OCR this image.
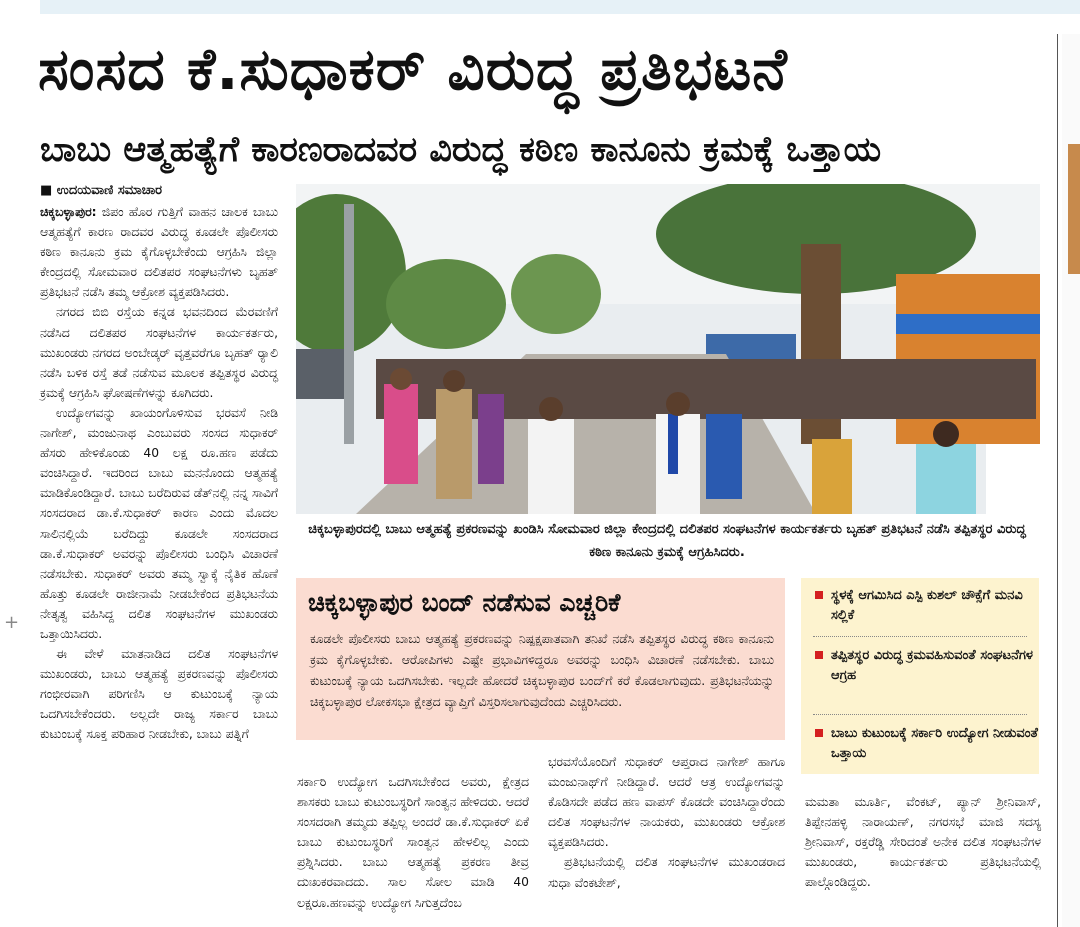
ಸಂಸದ ಕೆ.ಸುಧಾಕರ್‌ ವಿರುದ್ಧ ಪ್ರತಿಭಟನೆ
ಬಾಬು ಆತ್ಮಹತ್ಯೆಗೆ ಕಾರಣರಾದವರ ವಿರುದ್ಧ ಕಠಿಣ ಕಾನೂನು ಕ್ರಮಕ್ಕೆ ಒತ್ತಾಯ
■ ಉದಯವಾಣಿ ಸಮಾಚಾರ

ಚಿಕ್ಕಬಳ್ಳಾಪುರ: ಜಿಪಂ ಹೊರ ಗುತ್ತಿಗೆ ವಾಹನ ಚಾಲಕ ಬಾಬು ಆತ್ಮಹತ್ಯೆಗೆ ಕಾರಣ ರಾದವರ ವಿರುದ್ಧ ಕೂಡಲೇ ಪೊಲೀಸರು ಕಠಿಣ ಕಾನೂನು ಕ್ರಮ ಕೈಗೊಳ್ಳಬೇಕೆಂದು ಆಗ್ರಹಿಸಿ ಜಿಲ್ಲಾ ಕೇಂದ್ರದಲ್ಲಿ ಸೋಮವಾರ ದಲಿತಪರ ಸಂಘಟನೆಗಳು ಬೃಹತ್ ಪ್ರತಿಭಟನೆ ನಡೆಸಿ ತಮ್ಮ ಆಕ್ರೋಶ ವ್ಯಕ್ತಪಡಿಸಿದರು.

ನಗರದ ಬಿಬಿ ರಸ್ತೆಯ ಕನ್ನಡ ಭವನದಿಂದ ಮೆರವಣಿಗೆ ನಡೆಸಿದ ದಲಿತಪರ ಸಂಘಟನೆಗಳ ಕಾರ್ಯಕರ್ತರು, ಮುಖಂಡರು ನಗರದ ಅಂಬೇಡ್ಕರ್ ವೃತ್ತವರೆಗೂ ಬೃಹತ್ ರ‍್ಯಾಲಿ ನಡೆಸಿ ಬಳಿಕ ರಸ್ತೆ ತಡೆ ನಡೆಸುವ ಮೂಲಕ ತಪ್ಪಿತಸ್ಥರ ವಿರುದ್ಧ ಕ್ರಮಕ್ಕೆ ಆಗ್ರಹಿಸಿ ಘೋಷಣೆಗಳನ್ನು ಕೂಗಿದರು.

ಉದ್ಯೋಗವನ್ನು ಖಾಯಂಗೊಳಿಸುವ ಭರವಸೆ ನೀಡಿ ನಾಗೇಶ್, ಮಂಜುನಾಥ ಎಂಬುವರು ಸಂಸದ ಸುಧಾಕರ್ ಹೆಸರು ಹೇಳಿಕೊಂಡು 40 ಲಕ್ಷ ರೂ.ಹಣ ಪಡೆದು ವಂಚಿಸಿದ್ದಾರೆ. ಇದರಿಂದ ಬಾಬು ಮನನೊಂದು ಆತ್ಮಹತ್ಯೆ ಮಾಡಿಕೊಂಡಿದ್ದಾರೆ. ಬಾಬು ಬರೆದಿರುವ ಡೆತ್‌ನಲ್ಲಿ ನನ್ನ ಸಾವಿಗೆ ಸಂಸದರಾದ ಡಾ.ಕೆ.ಸುಧಾಕರ್ ಕಾರಣ ಎಂದು ಮೊದಲ ಸಾಲಿನಲ್ಲಿಯೆ ಬರೆದಿದ್ದು ಕೂಡಲೇ ಸಂಸದರಾದ ಡಾ.ಕೆ.ಸುಧಾಕರ್ ಅವರನ್ನು ಪೊಲೀಸರು ಬಂಧಿಸಿ ವಿಚಾರಣೆ ನಡೆಸಬೇಕು. ಸುಧಾಕರ್ ಅವರು ತಮ್ಮ ಸ್ವಾಕ್ಕೆ ನೈತಿಕ ಹೊಣೆ ಹೊತ್ತು ಕೂಡಲೇ ರಾಜೀನಾಮೆ ನೀಡಬೇಕೆಂದ ಪ್ರತಿಭಟನೆಯ ನೇತೃತ್ವ ವಹಿಸಿದ್ದ ದಲಿತ ಸಂಘಟನೆಗಳ ಮುಖಂಡರು ಒತ್ತಾಯಿಸಿದರು.

ಈ ವೇಳೆ ಮಾತನಾಡಿದ ದಲಿತ ಸಂಘಟನೆಗಳ ಮುಖಂಡರು, ಬಾಬು ಆತ್ಮಹತ್ಯೆ ಪ್ರಕರಣವನ್ನು ಪೊಲೀಸರು ಗಂಭೀರವಾಗಿ ಪರಿಗಣಿಸಿ ಆ ಕುಟುಂಬಕ್ಕೆ ನ್ಯಾಯ ಒದಗಿಸಬೇಕೆಂದರು. ಅಲ್ಲದೇ ರಾಜ್ಯ ಸರ್ಕಾರ ಬಾಬು ಕುಟುಂಬಕ್ಕೆ ಸೂಕ್ತ ಪರಿಹಾರ ನೀಡಬೇಕು, ಬಾಬು ಪತ್ನಿಗೆ

ಚಿಕ್ಕಬಳ್ಳಾಪುರದಲ್ಲಿ ಬಾಬು ಆತ್ಮಹತ್ಯೆ ಪ್ರಕರಣವನ್ನು ಖಂಡಿಸಿ ಸೋಮವಾರ ಜಿಲ್ಲಾ ಕೇಂದ್ರದಲ್ಲಿ ದಲಿತಪರ ಸಂಘಟನೆಗಳ ಕಾರ್ಯಕರ್ತರು ಬೃಹತ್ ಪ್ರತಿಭಟನೆ ನಡೆಸಿ ತಪ್ಪಿತಸ್ಥರ ವಿರುದ್ಧ ಕಠಿಣ ಕಾನೂನು ಕ್ರಮಕ್ಕೆ ಆಗ್ರಹಿಸಿದರು.
ಚಿಕ್ಕಬಳ್ಳಾಪುರ ಬಂದ್‌ ನಡೆಸುವ ಎಚ್ಚರಿಕೆ
ಕೂಡಲೇ ಪೊಲೀಸರು ಬಾಬು ಆತ್ಮಹತ್ಯೆ ಪ್ರಕರಣವನ್ನು ನಿಷ್ಪಕ್ಷಪಾತವಾಗಿ ತನಿಖೆ ನಡೆಸಿ ತಪ್ಪಿತಸ್ಥರ ವಿರುದ್ಧ ಕಠಿಣ ಕಾನೂನು ಕ್ರಮ ಕೈಗೊಳ್ಳಬೇಕು. ಆರೋಪಿಗಳು ಎಷ್ಟೇ ಪ್ರಭಾವಿಗಳಿದ್ದರೂ ಅವರನ್ನು ಬಂಧಿಸಿ ವಿಚಾರಣೆ ನಡೆಸಬೇಕು. ಬಾಬು ಕುಟುಂಬಕ್ಕೆ ನ್ಯಾಯ ಒದಗಿಸಬೇಕು. ಇಲ್ಲದೇ ಹೋದರೆ ಚಿಕ್ಕಬಳ್ಳಾಪುರ ಬಂದ್‌ಗೆ ಕರೆ ಕೊಡಲಾಗುವುದು. ಪ್ರತಿಭಟನೆಯನ್ನು ಚಿಕ್ಕಬಳ್ಳಾಪುರ ಲೋಕಸಭಾ ಕ್ಷೇತ್ರದ ವ್ಯಾಪ್ತಿಗೆ ವಿಸ್ತರಿಸಲಾಗುವುದೆಂದು ಎಚ್ಚರಿಸಿದರು.
ಸ್ಥಳಕ್ಕೆ ಆಗಮಿಸಿದ ಎಸ್ಪಿ ಕುಶಲ್ ಚೌಕ್ಸೆಗೆ ಮನವಿ ಸಲ್ಲಿಕೆ
ತಪ್ಪಿತಸ್ಥರ ವಿರುದ್ಧ ಕ್ರಮವಹಿಸುವಂತೆ ಸಂಘಟನೆಗಳ ಆಗ್ರಹ
ಬಾಬು ಕುಟುಂಬಕ್ಕೆ ಸರ್ಕಾರಿ ಉದ್ಯೋಗ ನೀಡುವಂತೆ ಒತ್ತಾಯ

ಸರ್ಕಾರಿ ಉದ್ಯೋಗ ಒದಗಿಸಬೇಕೆಂದ ಅವರು, ಕ್ಷೇತ್ರದ ಶಾಸಕರು ಬಾಬು ಕುಟುಂಬಸ್ಥರಿಗೆ ಸಾಂತ್ವನ ಹೇಳಿದರು. ಆದರೆ ಸಂಸದರಾಗಿ ತಮ್ಮದು ತಪ್ಪಿಲ್ಲ ಅಂದರೆ ಡಾ.ಕೆ.ಸುಧಾಕರ್ ಏಕೆ ಬಾಬು ಕುಟುಂಬಸ್ಥರಿಗೆ ಸಾಂತ್ವನ ಹೇಳಲಿಲ್ಲ ಎಂದು ಪ್ರಶ್ನಿಸಿದರು. ಬಾಬು ಆತ್ಮಹತ್ಯೆ ಪ್ರಕರಣ ತೀವ್ರ ದುಃಖಕರವಾದದು. ಸಾಲ ಸೋಲ ಮಾಡಿ 40 ಲಕ್ಷರೂ.ಹಣವನ್ನು ಉದ್ಯೋಗ ಸಿಗುತ್ತದೆಂಬ

ಭರವಸೆಯೊಂದಿಗೆ ಸುಧಾಕರ್ ಆಪ್ತರಾದ ನಾಗೇಶ್ ಹಾಗೂ ಮಂಜುನಾಥ್‌ಗೆ ನೀಡಿದ್ದಾರೆ. ಆದರೆ ಆತ್ರ ಉದ್ಯೋಗವನ್ನು ಕೊಡಿಸದೇ ಪಡೆದ ಹಣ ವಾಪಸ್ ಕೊಡದೇ ವಂಚಿಸಿದ್ದಾರೆಂದು ದಲಿತ ಸಂಘಟನೆಗಳ ನಾಯಕರು, ಮುಖಂಡರು ಆಕ್ರೋಶ ವ್ಯಕ್ತಪಡಿಸಿದರು.

ಪ್ರತಿಭಟನೆಯಲ್ಲಿ ದಲಿತ ಸಂಘಟನೆಗಳ ಮುಖಂಡರಾದ ಸುಧಾ ವೆಂಕಟೇಶ್,

ಮಮತಾ ಮೂರ್ತಿ, ವೆಂಕಟ್, ಪ್ಯಾನ್ ಶ್ರೀನಿವಾಸ್, ತಿಪ್ಪೇನಹಳ್ಳಿ ನಾರಾಯಣ್, ನಗರಸಭೆ ಮಾಜಿ ಸದಸ್ಯ ಶ್ರೀನಿವಾಸ್, ರಕ್ತರೆಡ್ಡಿ ಸೇರಿದಂತೆ ಅನೇಕ ದಲಿತ ಸಂಘಟನೆಗಳ ಮುಖಂಡರು, ಕಾರ್ಯಕರ್ತರು ಪ್ರತಿಭಟನೆಯಲ್ಲಿ ಪಾಲ್ಗೊಂಡಿದ್ದರು.

+
